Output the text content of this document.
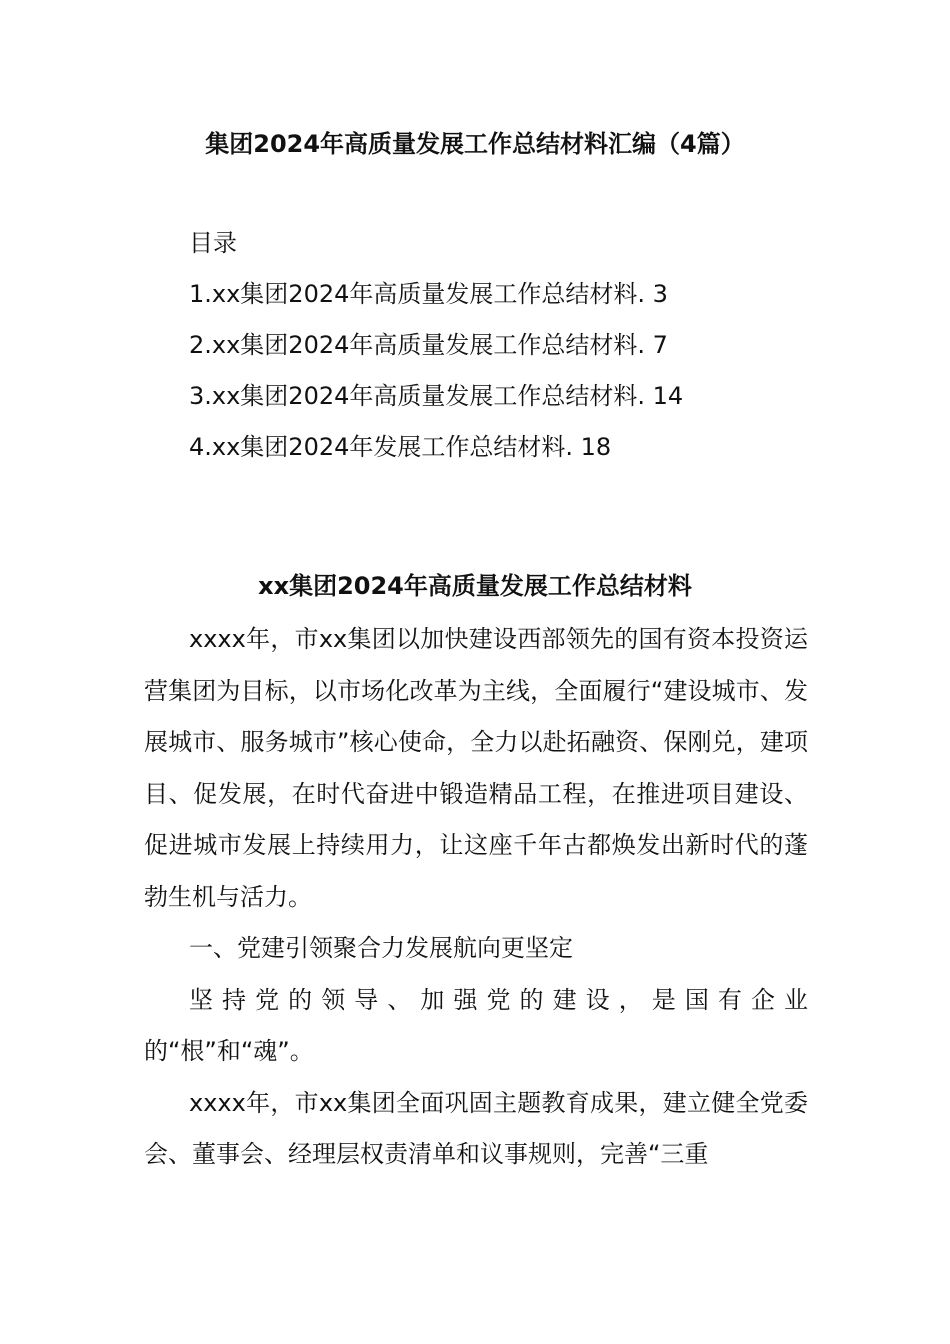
集团2024年高质量发展工作总结材料汇编（4篇）
目录
1.xx集团2024年高质量发展工作总结材料. 3
2.xx集团2024年高质量发展工作总结材料. 7
3.xx集团2024年高质量发展工作总结材料. 14
4.xx集团2024年发展工作总结材料. 18
xx集团2024年高质量发展工作总结材料

xxxx年，市xx集团以加快建设西部领先的国有资本投资运营集团为目标，以市场化改革为主线，全面履行“建设城市、发展城市、服务城市”核心使命，全力以赴拓融资、保刚兑，建项目、促发展，在时代奋进中锻造精品工程，在推进项目建设、促进城市发展上持续用力，让这座千年古都焕发出新时代的蓬勃生机与活力。

一、党建引领聚合力发展航向更坚定

坚持党的领导、加强党的建设，是国有企业的“根”和“魂”。

xxxx年，市xx集团全面巩固主题教育成果，建立健全党委会、董事会、经理层权责清单和议事规则，完善“三重
